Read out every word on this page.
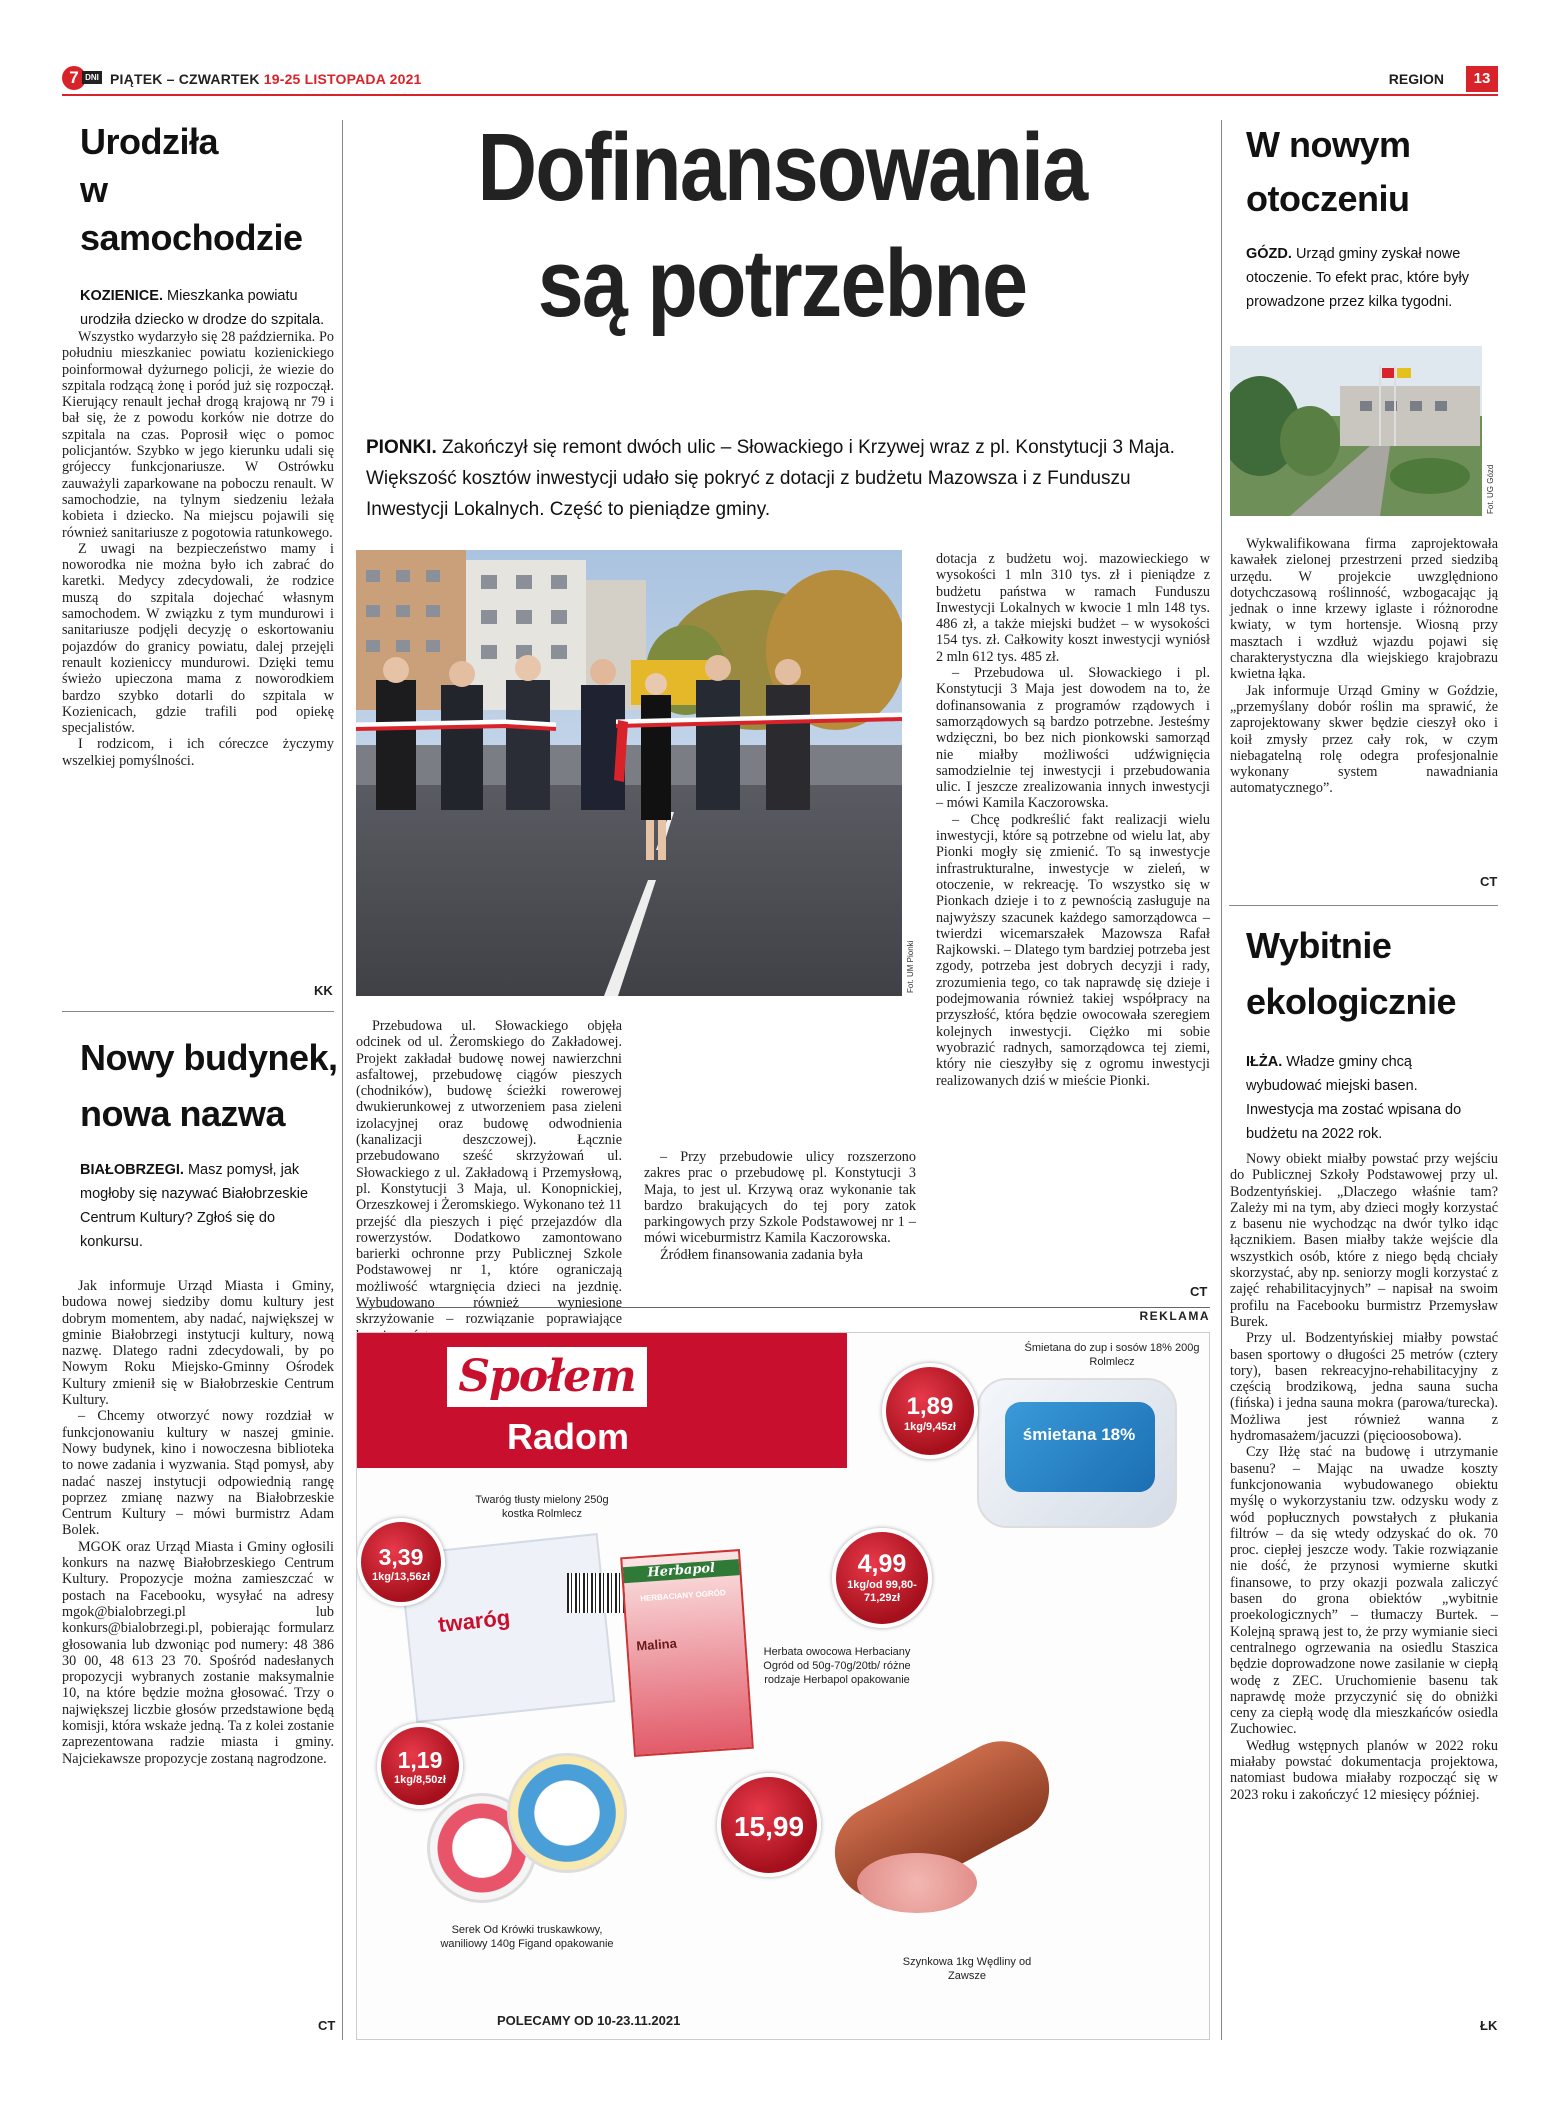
7 DNI PIĄTEK – CZWARTEK 19-25 LISTOPADA 2021	REGION	13
Urodziła
w samochodzie
KOZIENICE. Mieszkanka powiatu urodziła dziecko w drodze do szpitala.

Wszystko wydarzyło się 28 października. Po południu mieszkaniec powiatu kozienickiego poinformował dyżurnego policji, że wiezie do szpitala rodzącą żonę i poród już się rozpoczął. Kierujący renault jechał drogą krajową nr 79 i bał się, że z powodu korków nie dotrze do szpitala na czas. Poprosił więc o pomoc policjantów. Szybko w jego kierunku udali się grójeccy funkcjonariusze. W Ostrówku zauważyli zaparkowane na poboczu renault. W samochodzie, na tylnym siedzeniu leżała kobieta i dziecko. Na miejscu pojawili się również sanitariusze z pogotowia ratunkowego.

Z uwagi na bezpieczeństwo mamy i noworodka nie można było ich zabrać do karetki. Medycy zdecydowali, że rodzice muszą do szpitala dojechać własnym samochodem. W związku z tym mundurowi i sanitariusze podjęli decyzję o eskortowaniu pojazdów do granicy powiatu, dalej przejęli renault kozieniccy mundurowi. Dzięki temu świeżo upieczona mama z noworodkiem bardzo szybko dotarli do szpitala w Kozienicach, gdzie trafili pod opiekę specjalistów.

I rodzicom, i ich córeczce życzymy wszelkiej pomyślności.

KK
Nowy budynek,
nowa nazwa
BIAŁOBRZEGI. Masz pomysł, jak mogłoby się nazywać Białobrzeskie Centrum Kultury? Zgłoś się do konkursu.

Jak informuje Urząd Miasta i Gminy, budowa nowej siedziby domu kultury jest dobrym momentem, aby nadać, największej w gminie Białobrzegi instytucji kultury, nową nazwę. Dlatego radni zdecydowali, by po Nowym Roku Miejsko-Gminny Ośrodek Kultury zmienił się w Białobrzeskie Centrum Kultury.

– Chcemy otworzyć nowy rozdział w funkcjonowaniu kultury w naszej gminie. Nowy budynek, kino i nowoczesna biblioteka to nowe zadania i wyzwania. Stąd pomysł, aby nadać naszej instytucji odpowiednią rangę poprzez zmianę nazwy na Białobrzeskie Centrum Kultury – mówi burmistrz Adam Bolek.

MGOK oraz Urząd Miasta i Gminy ogłosili konkurs na nazwę Białobrzeskiego Centrum Kultury. Propozycje można zamieszczać w postach na Facebooku, wysyłać na adresy mgok@bialobrzegi.pl lub konkurs@bialobrzegi.pl, pobierając formularz głosowania lub dzwoniąc pod numery: 48 386 30 00, 48 613 23 70. Spośród nadesłanych propozycji wybranych zostanie maksymalnie 10, na które będzie można głosować. Trzy o największej liczbie głosów przedstawione będą komisji, która wskaże jedną. Ta z kolei zostanie zaprezentowana radzie miasta i gminy. Najciekawsze propozycje zostaną nagrodzone.

CT
Dofinansowania
są potrzebne
PIONKI. Zakończył się remont dwóch ulic – Słowackiego i Krzywej wraz z pl. Konstytucji 3 Maja. Większość kosztów inwestycji udało się pokryć z dotacji z budżetu Mazowsza i z Funduszu Inwestycji Lokalnych. Część to pieniądze gminy.
Fot. UM Pionki

Przebudowa ul. Słowackiego objęła odcinek od ul. Żeromskiego do Zakładowej. Projekt zakładał budowę nowej nawierzchni asfaltowej, przebudowę ciągów pieszych (chodników), budowę ścieżki rowerowej dwukierunkowej z utworzeniem pasa zieleni izolacyjnej oraz budowę odwodnienia (kanalizacji deszczowej). Łącznie przebudowano sześć skrzyżowań ul. Słowackiego z ul. Zakładową i Przemysłową, pl. Konstytucji 3 Maja, ul. Konopnickiej, Orzeszkowej i Żeromskiego. Wykonano też 11 przejść dla pieszych i pięć przejazdów dla rowerzystów. Dodatkowo zamontowano barierki ochronne przy Publicznej Szkole Podstawowej nr 1, które ograniczają możliwość wtargnięcia dzieci na jezdnię. Wybudowano również wyniesione skrzyżowanie – rozwiązanie poprawiające

– Przy przebudowie ulicy rozszerzono zakres prac o przebudowę pl. Konstytucji 3 Maja, to jest ul. Krzywą oraz wykonanie tak bardzo brakujących do tej pory zatok parkingowych przy Szkole Podstawowej nr 1 – mówi wiceburmistrz Kamila Kaczorowska.

Źródłem finansowania zadania była

dotacja z budżetu woj. mazowieckiego w wysokości 1 mln 310 tys. zł i pieniądze z budżetu państwa w ramach Funduszu Inwestycji Lokalnych w kwocie 1 mln 148 tys. 486 zł, a także miejski budżet – w wysokości 154 tys. zł. Całkowity koszt inwestycji wyniósł 2 mln 612 tys. 485 zł.

– Przebudowa ul. Słowackiego i pl. Konstytucji 3 Maja jest dowodem na to, że dofinansowania z programów rządowych i samorządowych są bardzo potrzebne. Jesteśmy wdzięczni, bo bez nich pionkowski samorząd nie miałby możliwości udźwignięcia samodzielnie tej inwestycji i przebudowania ulic. I jeszcze zrealizowania innych inwestycji – mówi Kamila Kaczorowska.

– Chcę podkreślić fakt realizacji wielu inwestycji, które są potrzebne od wielu lat, aby Pionki mogły się zmienić. To są inwestycje infrastrukturalne, inwestycje w zieleń, w otoczenie, w rekreację. To wszystko się w Pionkach dzieje i to z pewnością zasługuje na najwyższy szacunek każdego samorządowca – twierdzi wicemarszałek Mazowsza Rafał Rajkowski. – Dlatego tym bardziej potrzeba jest zgody, potrzeba jest dobrych decyzji i rady, zrozumienia tego, co tak naprawdę się dzieje i podejmowania również takiej współpracy na przyszłość, która będzie owocowała szeregiem kolejnych inwestycji. Ciężko mi sobie wyobrazić radnych, samorządowca tej ziemi, który nie cieszyłby się z ogromu inwestycji realizowanych dziś w mieście Pionki.

CT
REKLAMA
Społem
Radom
Śmietana do zup i sosów 18% 200g Rolmlecz
śmietana 18%
1,89
1kg/9,45zł
Twaróg tłusty mielony 250g kostka Rolmlecz
twaróg
3,39
1kg/13,56zł	Herbapol
HERBACIANY OGRÓD
Malina
4,99
1kg/od 99,80-71,29zł
Herbata owocowa Herbaciany Ogród od 50g-70g/20tb/ różne rodzaje Herbapol opakowanie
Serek
1,19
1kg/8,50zł
Serek Od Krówki truskawkowy, waniliowy 140g Figand opakowanie
15,99
Szynkowa 1kg Wędliny od Zawsze
POLECAMY OD 10-23.11.2021
W nowym
otoczeniu
GÓZD. Urząd gminy zyskał nowe otoczenie. To efekt prac, które były prowadzone przez kilka tygodni.
Fot. UG Gózd

Wykwalifikowana firma zaprojektowała kawałek zielonej przestrzeni przed siedzibą urzędu. W projekcie uwzględniono dotychczasową roślinność, wzbogacając ją jednak o inne krzewy iglaste i różnorodne kwiaty, w tym hortensje. Wiosną przy masztach i wzdłuż wjazdu pojawi się charakterystyczna dla wiejskiego krajobrazu kwietna łąka.

Jak informuje Urząd Gminy w Goździe, „przemyślany dobór roślin ma sprawić, że zaprojektowany skwer będzie cieszył oko i koił zmysły przez cały rok, w czym niebagatelną rolę odegra profesjonalnie wykonany system nawadniania automatycznego”.

CT
Wybitnie
ekologicznie
IŁŻA. Władze gminy chcą wybudować miejski basen. Inwestycja ma zostać wpisana do budżetu na 2022 rok.

Nowy obiekt miałby powstać przy wejściu do Publicznej Szkoły Podstawowej przy ul. Bodzentyńskiej. „Dlaczego właśnie tam? Zależy mi na tym, aby dzieci mogły korzystać z basenu nie wychodząc na dwór tylko idąc łącznikiem. Basen miałby także wejście dla wszystkich osób, które z niego będą chciały skorzystać, aby np. seniorzy mogli korzystać z zajęć rehabilitacyjnych” – napisał na swoim profilu na Facebooku burmistrz Przemysław Burek.

Przy ul. Bodzentyńskiej miałby powstać basen sportowy o długości 25 metrów (cztery tory), basen rekreacyjno-rehabilitacyjny z częścią brodzikową, jedna sauna sucha (fińska) i jedna sauna mokra (parowa/turecka). Możliwa jest również wanna z hydromasażem/jacuzzi (pięcioosobowa).

Czy Iłżę stać na budowę i utrzymanie basenu? – Mając na uwadze koszty funkcjonowania wybudowanego obiektu myślę o wykorzystaniu tzw. odzysku wody z wód popłucznych powstałych z płukania filtrów – da się wtedy odzyskać do ok. 70 proc. ciepłej jeszcze wody. Takie rozwiązanie nie dość, że przynosi wymierne skutki finansowe, to przy okazji pozwala zaliczyć basen do grona obiektów „wybitnie proekologicznych” – tłumaczy Burtek. – Kolejną sprawą jest to, że przy wymianie sieci centralnego ogrzewania na osiedlu Staszica będzie doprowadzone nowe zasilanie w ciepłą wodę z ZEC. Uruchomienie basenu tak naprawdę może przyczynić się do obniżki ceny za ciepłą wodę dla mieszkańców osiedla Zuchowiec.

Według wstępnych planów w 2022 roku miałaby powstać dokumentacja projektowa, natomiast budowa miałaby rozpocząć się w 2023 roku i zakończyć 12 miesięcy później.

ŁK
